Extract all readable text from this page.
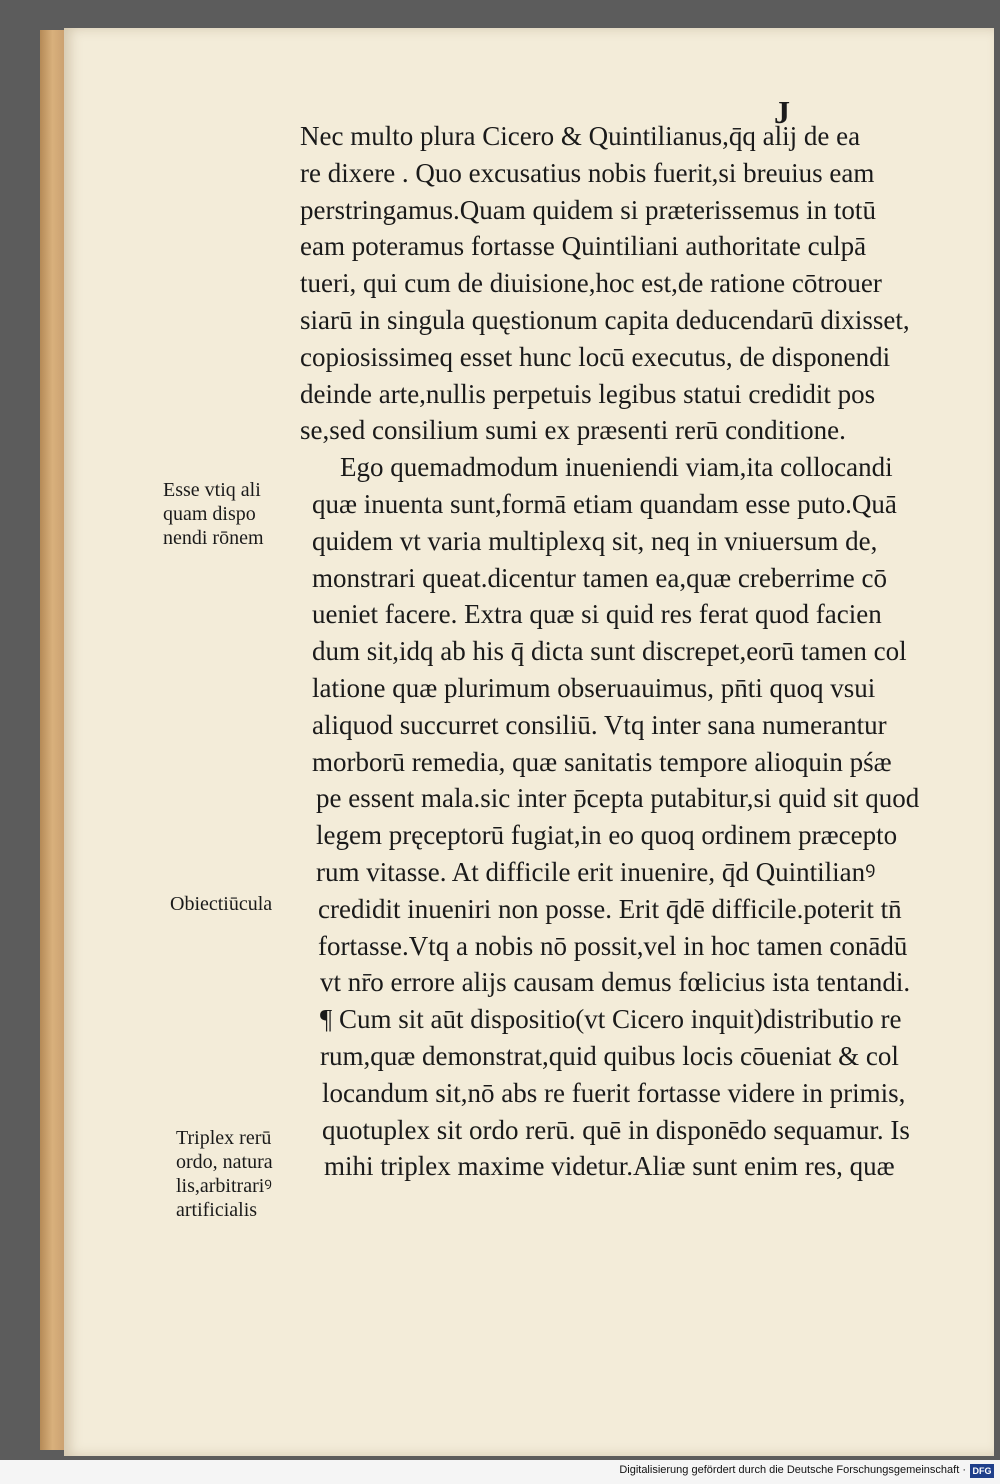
J
Nec multo plura Cicero & Quintilianus,q̄q alij de ea
re dixere . Quo excusatius nobis fuerit,si breuius eam
perstringamus.Quam quidem si præterissemus in totū
eam poteramus fortasse Quintiliani authoritate culpā
tueri, qui cum de diuisione,hoc est,de ratione cōtrouer
siarū in singula quęstionum capita deducendarū dixisset,
copiosissimeq esset hunc locū executus, de disponendi
deinde arte,nullis perpetuis legibus statui credidit pos
se,sed consilium sumi ex præsenti rerū conditione.
Ego quemadmodum inueniendi viam,ita collocandi
quæ inuenta sunt,formā etiam quandam esse puto.Quā
quidem vt varia multiplexq sit, neq in vniuersum de,
monstrari queat.dicentur tamen ea,quæ creberrime cō
ueniet facere. Extra quæ si quid res ferat quod facien
dum sit,idq ab his q̄ dicta sunt discrepet,eorū tamen col
latione quæ plurimum obseruauimus, pn̄ti quoq vsui
aliquod succurret consiliū. Vtq inter sana numerantur
morborū remedia, quæ sanitatis tempore alioquin pśæ
pe essent mala.sic inter p̄cepta putabitur,si quid sit quod
legem pręceptorū fugiat,in eo quoq ordinem præcepto
rum vitasse. At difficile erit inuenire, q̄d Quintilianꝰ
credidit inueniri non posse. Erit q̄dē difficile.poterit tn̄
fortasse.Vtq a nobis nō possit,vel in hoc tamen conādū
vt nr̄o errore alijs causam demus fœlicius ista tentandi.
¶ Cum sit aūt dispositio(vt Cicero inquit)distributio re
rum,quæ demonstrat,quid quibus locis cōueniat & col
locandum sit,nō abs re fuerit fortasse videre in primis,
quotuplex sit ordo rerū. quē in disponēdo sequamur. Is
mihi triplex maxime videtur.Aliæ sunt enim res, quæ
Esse vtiq ali
quam dispo
nendi rōnem
Obiectiūcula
Triplex rerū
ordo, natura
lis,arbitrariꝰ
artificialis
Digitalisierung gefördert durch die Deutsche Forschungsgemeinschaft · DFG
